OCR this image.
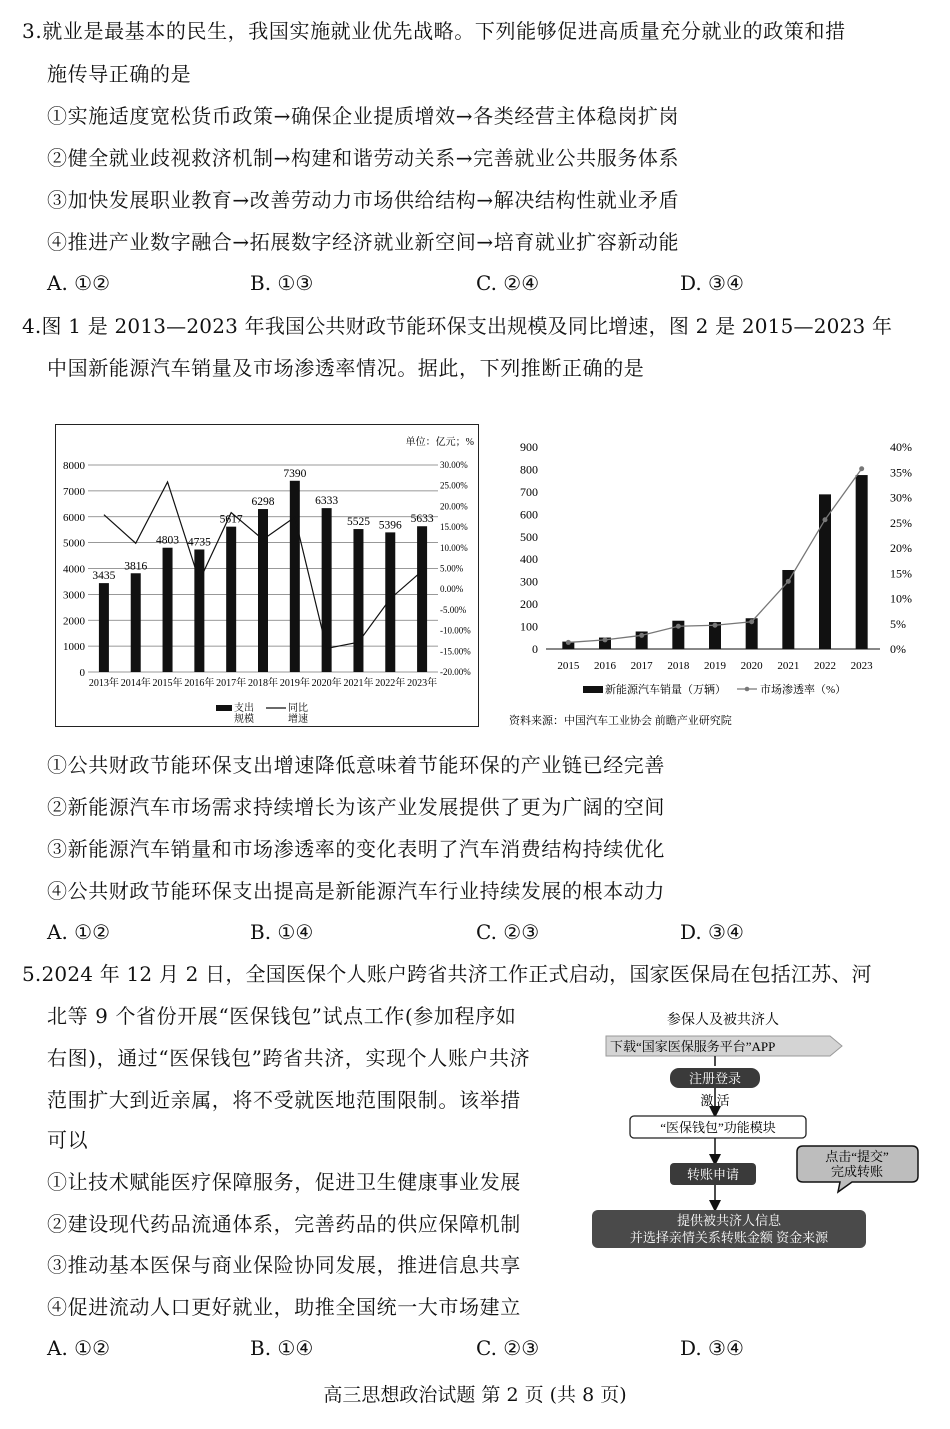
3.就业是最基本的民生，我国实施就业优先战略。下列能够促进高质量充分就业的政策和措
施传导正确的是
①实施适度宽松货币政策→确保企业提质增效→各类经营主体稳岗扩岗
②健全就业歧视救济机制→构建和谐劳动关系→完善就业公共服务体系
③加快发展职业教育→改善劳动力市场供给结构→解决结构性就业矛盾
④推进产业数字融合→拓展数字经济就业新空间→培育就业扩容新动能
A. ①②	B. ①③	C. ②④	D. ③④
4.图 1 是 2013—2023 年我国公共财政节能环保支出规模及同比增速，图 2 是 2015—2023 年
中国新能源汽车销量及市场渗透率情况。据此，下列推断正确的是
单位：亿元；%
0
1000
2000
3000
4000
5000
6000
7000
8000
-20.00%
-15.00%
-10.00%
-5.00%
0.00%
5.00%
10.00%
15.00%
20.00%
25.00%
30.00%
3435
3816
4803 4735
5617
6298
7390
6333
5525 5396
5633
2013年 2014年 2015年 2016年 2017年 2018年 2019年 2020年 2021年 2022年 2023年
支出
规模
同比
增速
0
100
200
300
400
500
600
700
800
900
0%
5%
10%
15%
20%
25%
30%
35%
40%
2015 2016 2017 2018 2019 2020 2021 2022 2023
新能源汽车销量（万辆）	市场渗透率（%）
资料来源：中国汽车工业协会 前瞻产业研究院
①公共财政节能环保支出增速降低意味着节能环保的产业链已经完善
②新能源汽车市场需求持续增长为该产业发展提供了更为广阔的空间
③新能源汽车销量和市场渗透率的变化表明了汽车消费结构持续优化
④公共财政节能环保支出提高是新能源汽车行业持续发展的根本动力
A. ①②	B. ①④	C. ②③	D. ③④
5.2024 年 12 月 2 日，全国医保个人账户跨省共济工作正式启动，国家医保局在包括江苏、河
北等 9 个省份开展“医保钱包”试点工作(参加程序如
右图)，通过“医保钱包”跨省共济，实现个人账户共济
范围扩大到近亲属，将不受就医地范围限制。该举措
可以
①让技术赋能医疗保障服务，促进卫生健康事业发展
②建设现代药品流通体系，完善药品的供应保障机制
③推动基本医保与商业保险协同发展，推进信息共享
④促进流动人口更好就业，助推全国统一大市场建立
A. ①②	B. ①④	C. ②③	D. ③④
参保人及被共济人
下载“国家医保服务平台”APP
注册登录
激 活
“医保钱包”功能模块
转账申请
点击“提交”
完成转账
提供被共济人信息
并选择亲情关系转账金额 资金来源
高三思想政治试题 第 2 页 (共 8 页)
